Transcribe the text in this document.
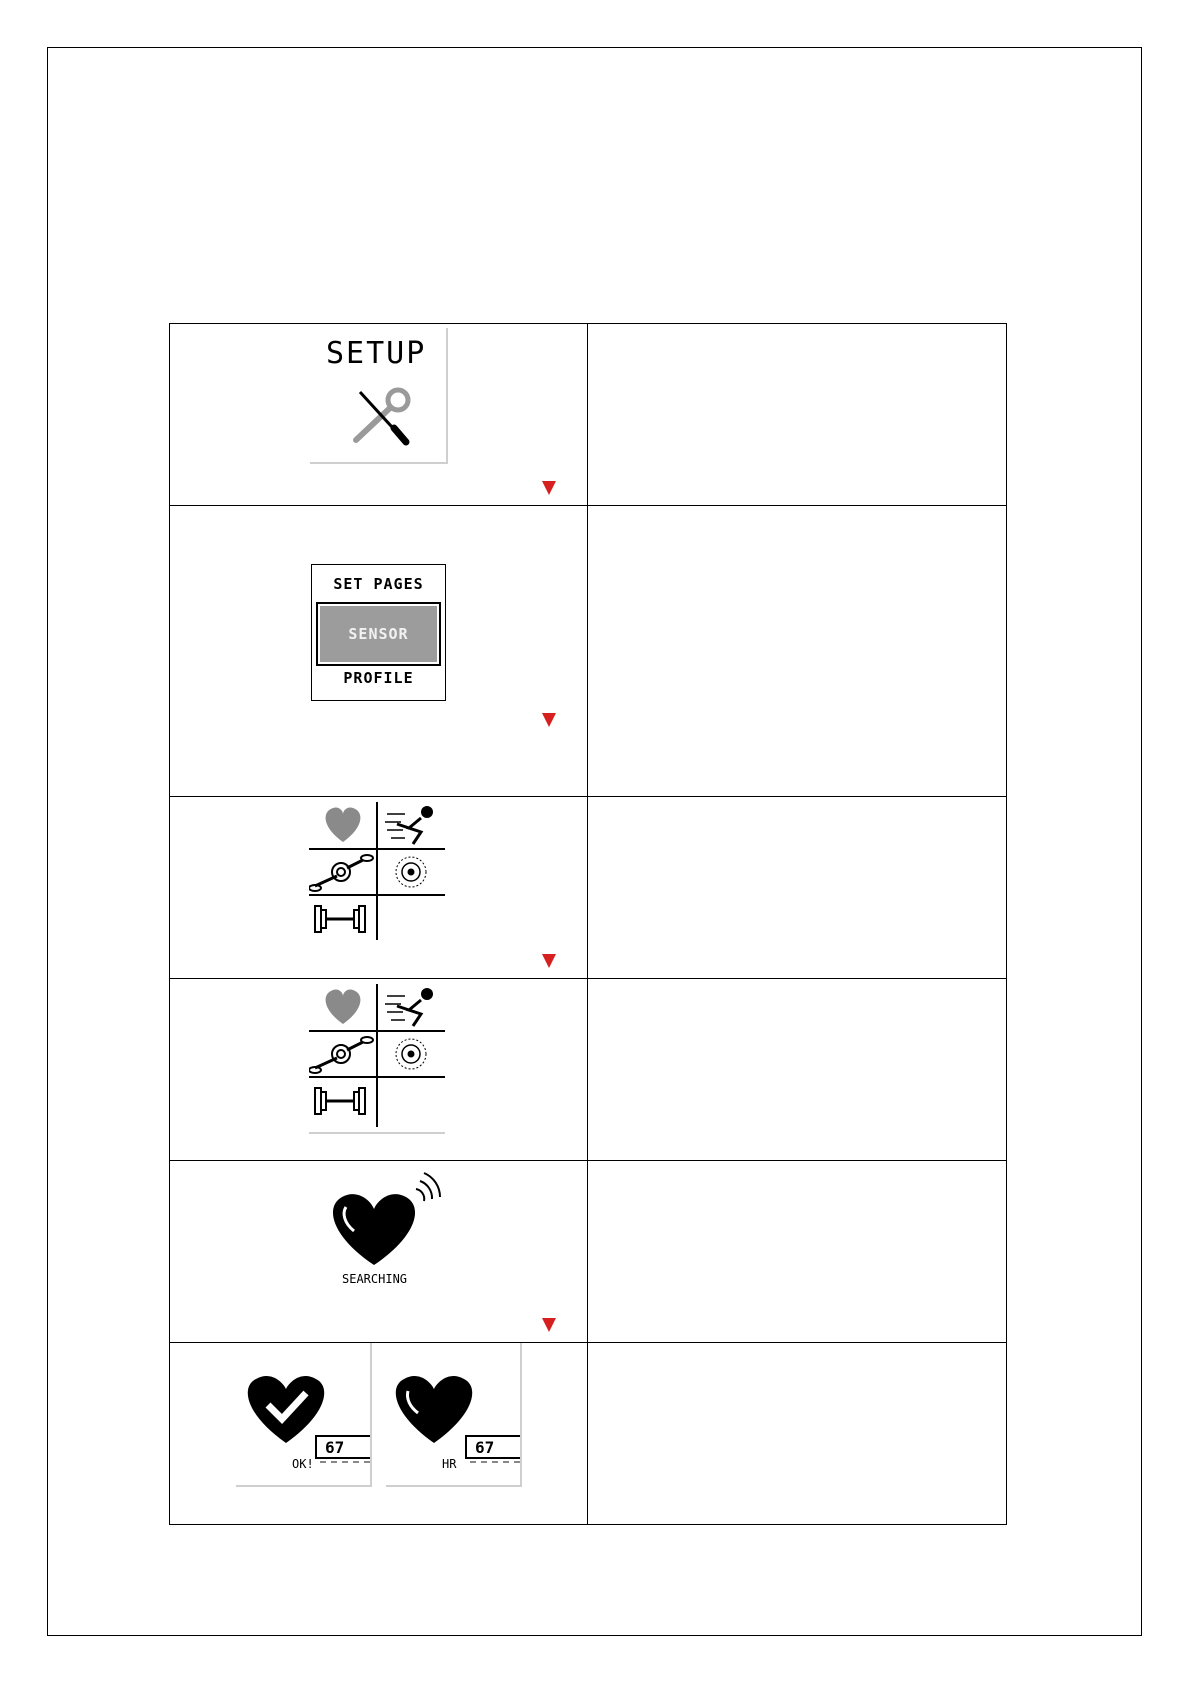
SETUP	

SET PAGES
SENSOR
PROFILE	

SEARCHING	

OK!
67
HR
67	
